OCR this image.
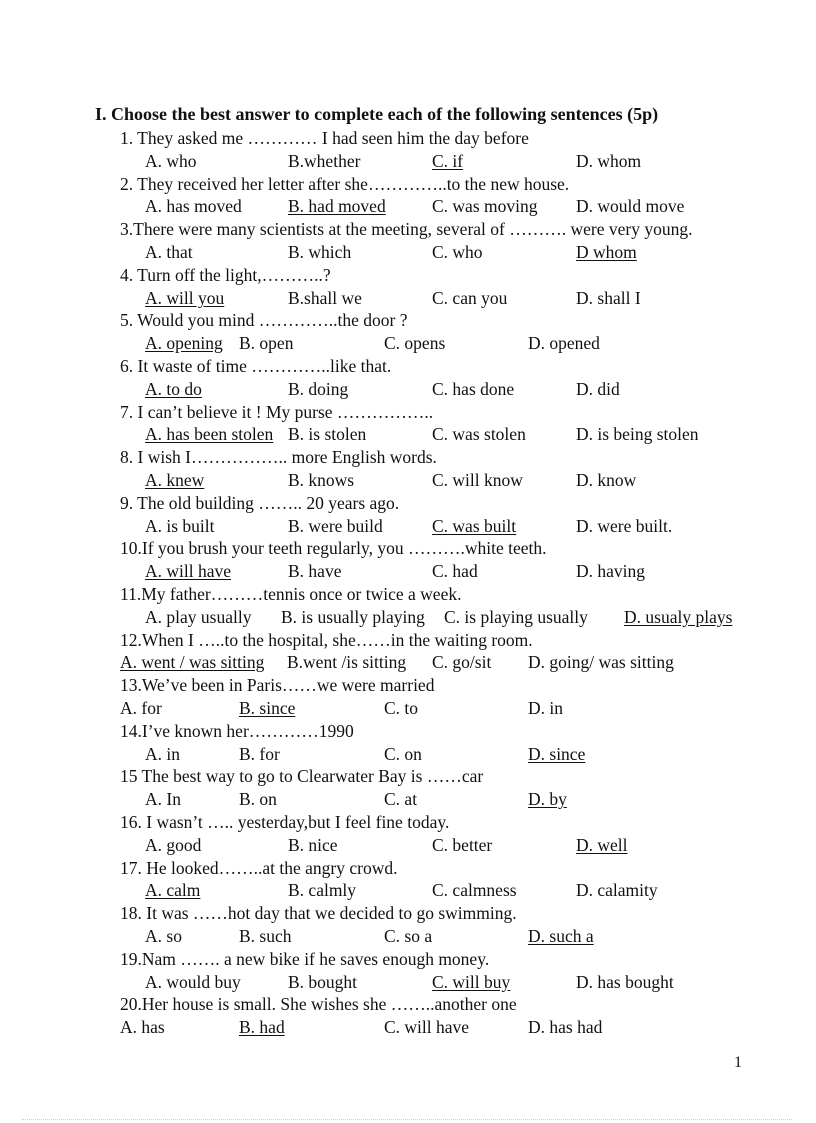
I. Choose the best answer to complete each of the following sentences (5p)
1. They asked me ………… I had seen him the day before
A. who	B.whether	C. if	D. whom
2. They received her letter after she…………..to the new house.
A. has moved	B. had moved	C. was moving D. would move
3.There were many scientists at the meeting, several of ………. were very young.
A. that	B. which	C. who	D whom
4. Turn off the light,………..?
A. will you	B.shall we	C. can you	D. shall I
5. Would you mind …………..the door ?
A. opening B. open	C. opens	D. opened
6. It waste of time …………..like that.
A. to do	B. doing	C. has done	D. did
7. I can’t believe it ! My purse ……………..
A. has been stolen B. is stolen	C. was stolen	D. is being stolen
8. I wish I…………….. more English words.
A. knew	B. knows	C. will know	D. know
9. The old building …….. 20 years ago.
A. is built	B. were build	C. was built	D. were built.
10.If you brush your teeth regularly, you ……….white teeth.
A. will have	B. have	C. had	D. having
11.My father………tennis once or twice a week.
A. play usually B. is usually playing C. is playing usually D. usualy plays
12.When I …..to the hospital, she……in the waiting room.
A. went / was sitting B.went /is sitting C. go/sit D. going/ was sitting
13.We’ve been in Paris……we were married
A. for	B. since	C. to	D. in
14.I’ve known her…………1990
A. in	B. for	C. on	D. since
15 The best way to go to Clearwater Bay is ……car
A. In	B. on	C. at	D. by
16. I wasn’t ….. yesterday,but I feel fine today.
A. good	B. nice	C. better	D. well
17. He looked……..at the angry crowd.
A. calm	B. calmly	C. calmness	D. calamity
18. It was ……hot day that we decided to go swimming.
A. so	B. such	C. so a	D. such a
19.Nam ……. a new bike if he saves enough money.
A. would buy	B. bought	C. will buy	D. has bought
20.Her house is small. She wishes she ……..another one
A. has	B. had	C. will have	D. has had
1
